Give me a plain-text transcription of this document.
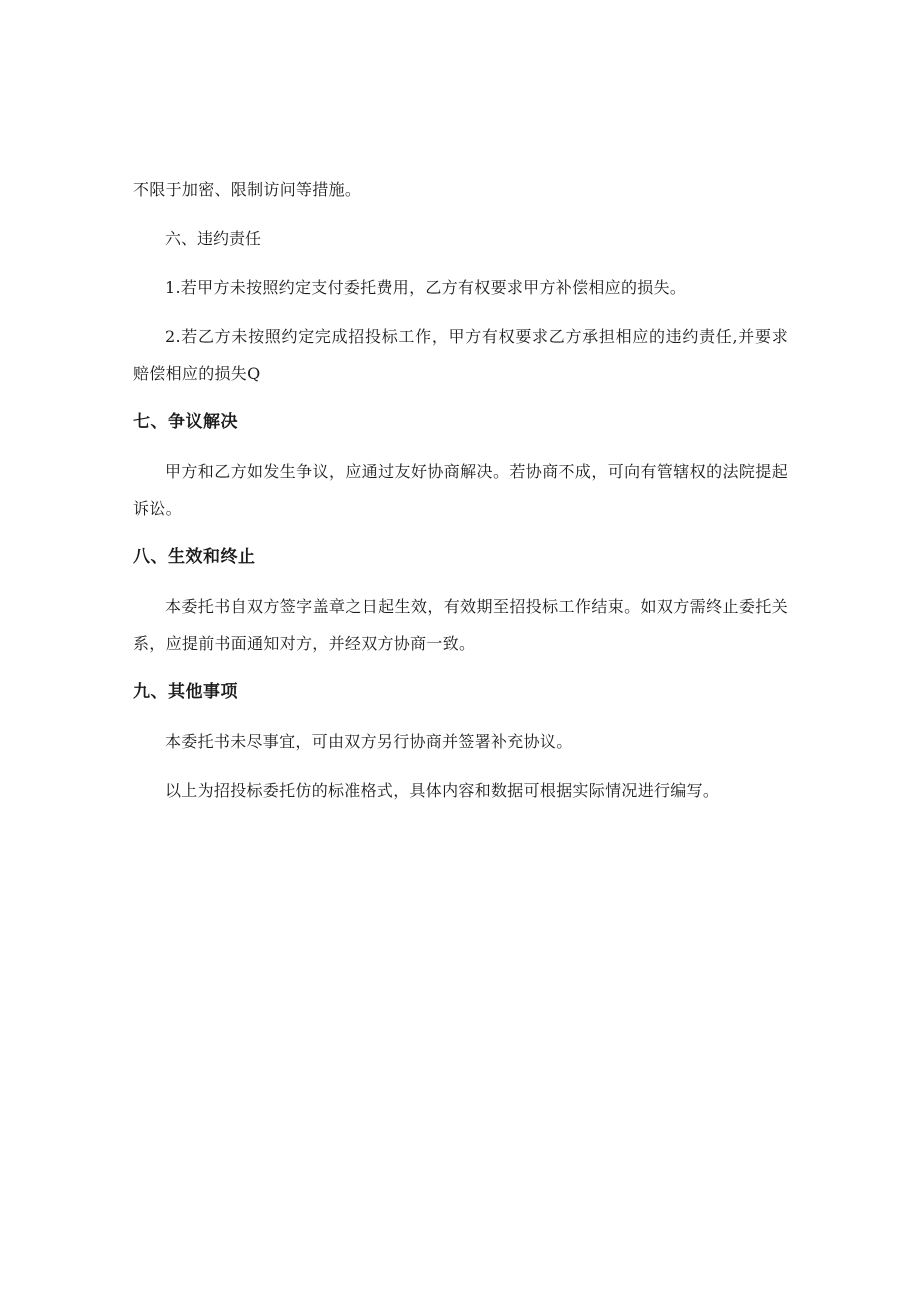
不限于加密、限制访问等措施。

六、违约责任

1.若甲方未按照约定支付委托费用，乙方有权要求甲方补偿相应的损失。

2.若乙方未按照约定完成招投标工作，甲方有权要求乙方承担相应的违约责任,并要求赔偿相应的损失Q

七、争议解决

甲方和乙方如发生争议，应通过友好协商解决。若协商不成，可向有管辖权的法院提起诉讼。

八、生效和终止

本委托书自双方签字盖章之日起生效，有效期至招投标工作结束。如双方需终止委托关系，应提前书面通知对方，并经双方协商一致。

九、其他事项

本委托书未尽事宜，可由双方另行协商并签署补充协议。

以上为招投标委托仿的标准格式，具体内容和数据可根据实际情况进行编写。
